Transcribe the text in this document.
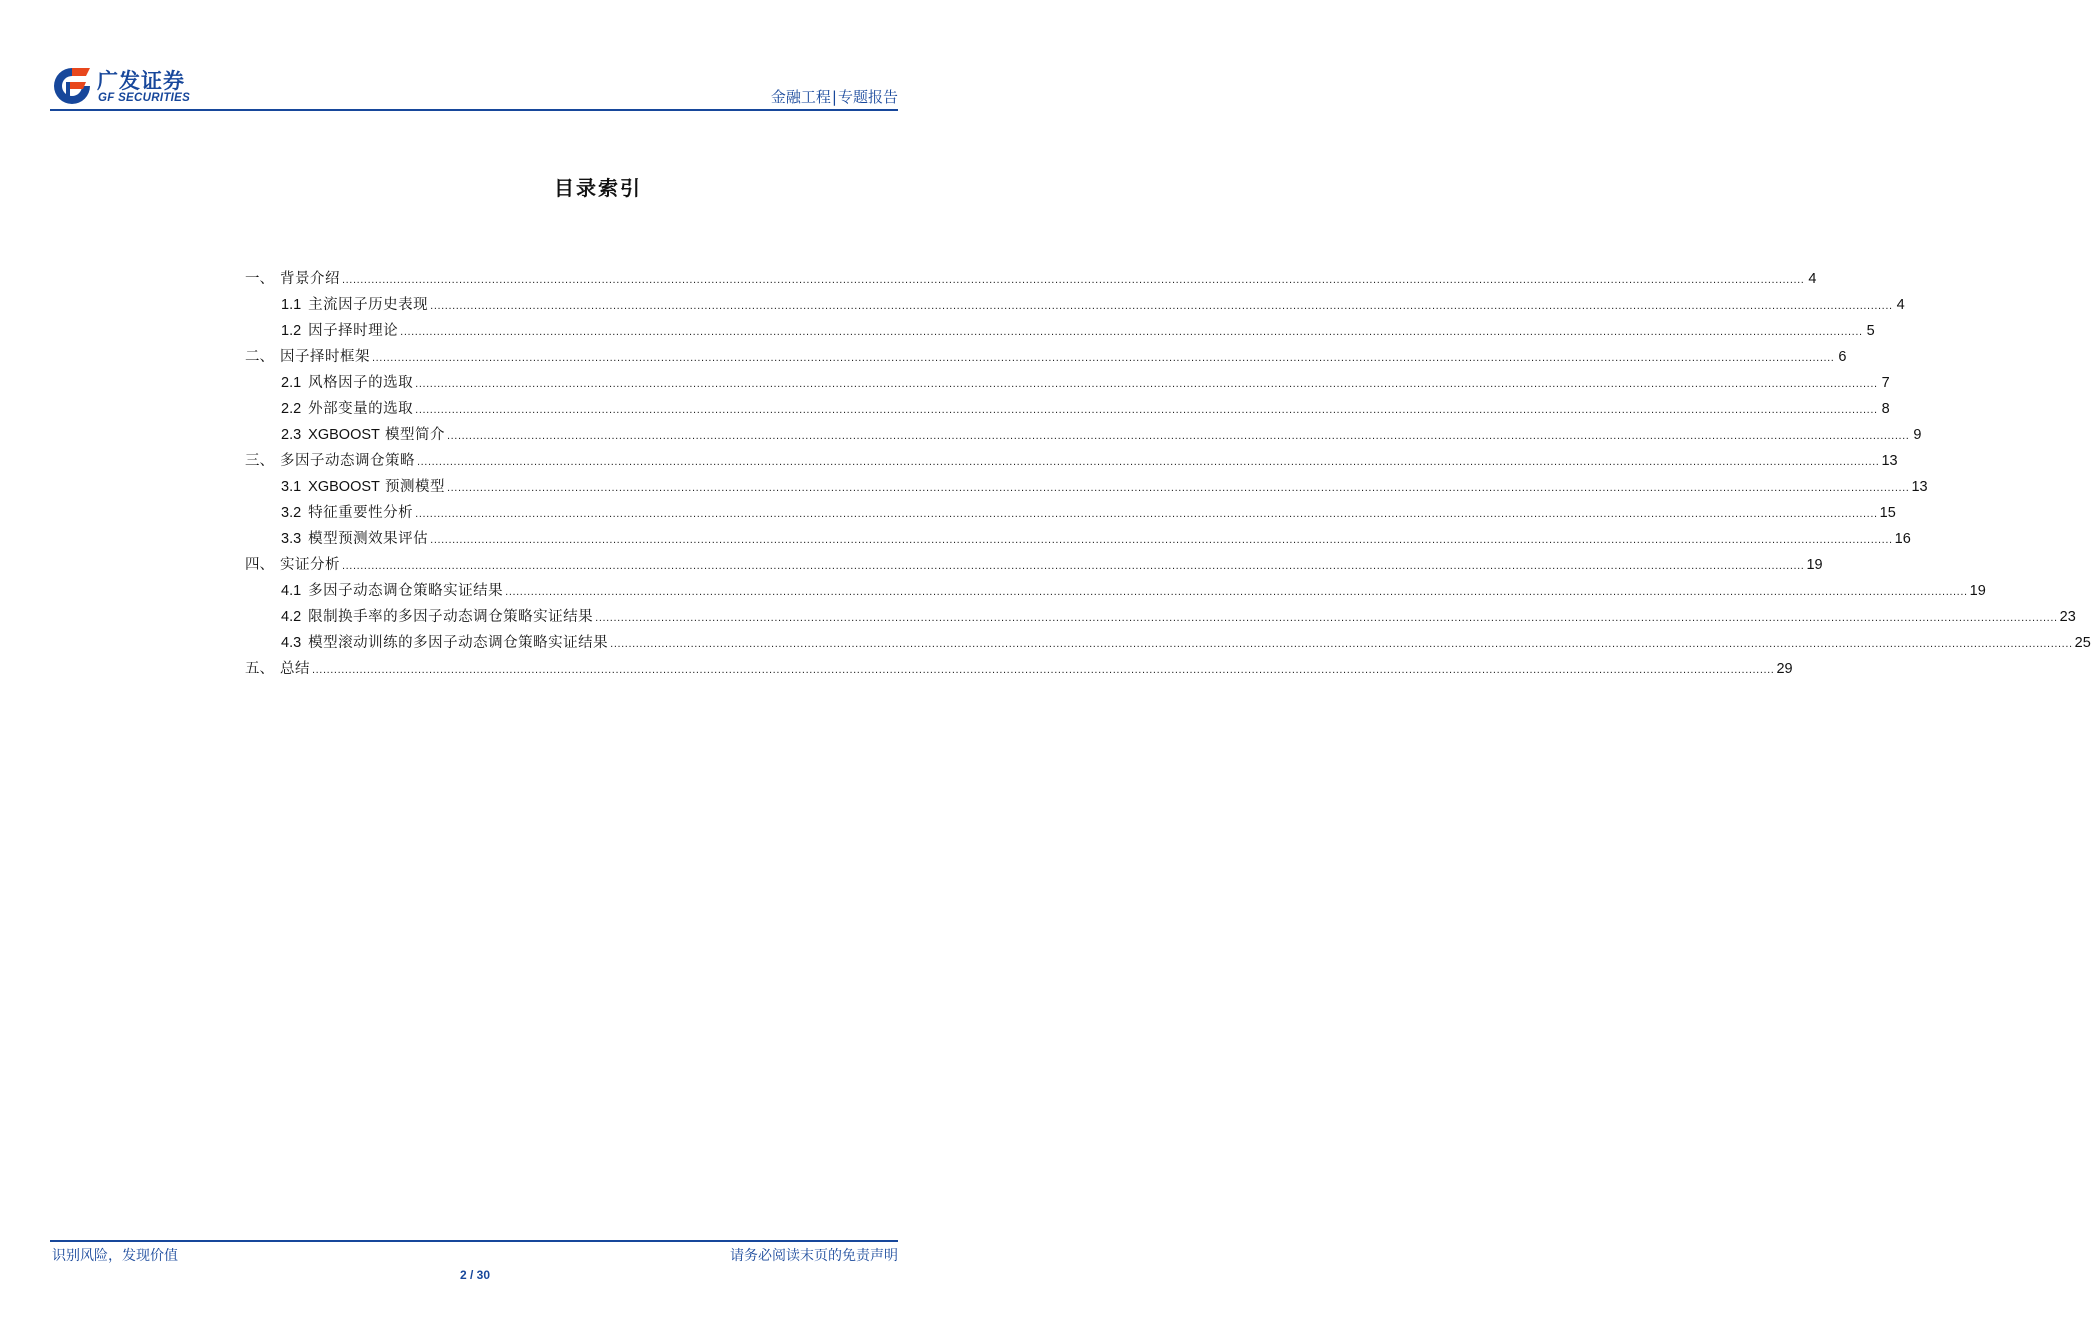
广发证券
GF SECURITIES	金融工程|专题报告
目录索引
一、 背景介绍 ................................................................................................................................................................................................................................................................................................................................................................................................................ 4
1.1 主流因子历史表现 ................................................................................................................................................................................................................................................................................................................................................................................................................ 4
1.2 因子择时理论 ................................................................................................................................................................................................................................................................................................................................................................................................................ 5
二、 因子择时框架 ................................................................................................................................................................................................................................................................................................................................................................................................................ 6
2.1 风格因子的选取 ................................................................................................................................................................................................................................................................................................................................................................................................................ 7
2.2 外部变量的选取 ................................................................................................................................................................................................................................................................................................................................................................................................................ 8
2.3 XGBOOST 模型简介 ................................................................................................................................................................................................................................................................................................................................................................................................................ 9
三、 多因子动态调仓策略 ................................................................................................................................................................................................................................................................................................................................................................................................................ 13
3.1 XGBOOST 预测模型 ................................................................................................................................................................................................................................................................................................................................................................................................................ 13
3.2 特征重要性分析 ................................................................................................................................................................................................................................................................................................................................................................................................................ 15
3.3 模型预测效果评估 ................................................................................................................................................................................................................................................................................................................................................................................................................ 16
四、 实证分析 ................................................................................................................................................................................................................................................................................................................................................................................................................ 19
4.1 多因子动态调仓策略实证结果 ................................................................................................................................................................................................................................................................................................................................................................................................................ 19
4.2 限制换手率的多因子动态调仓策略实证结果 ................................................................................................................................................................................................................................................................................................................................................................................................................ 23
4.3 模型滚动训练的多因子动态调仓策略实证结果 ................................................................................................................................................................................................................................................................................................................................................................................................................ 25
五、 总结 ................................................................................................................................................................................................................................................................................................................................................................................................................ 29
识别风险，发现价值	请务必阅读末页的免责声明
2 / 30
